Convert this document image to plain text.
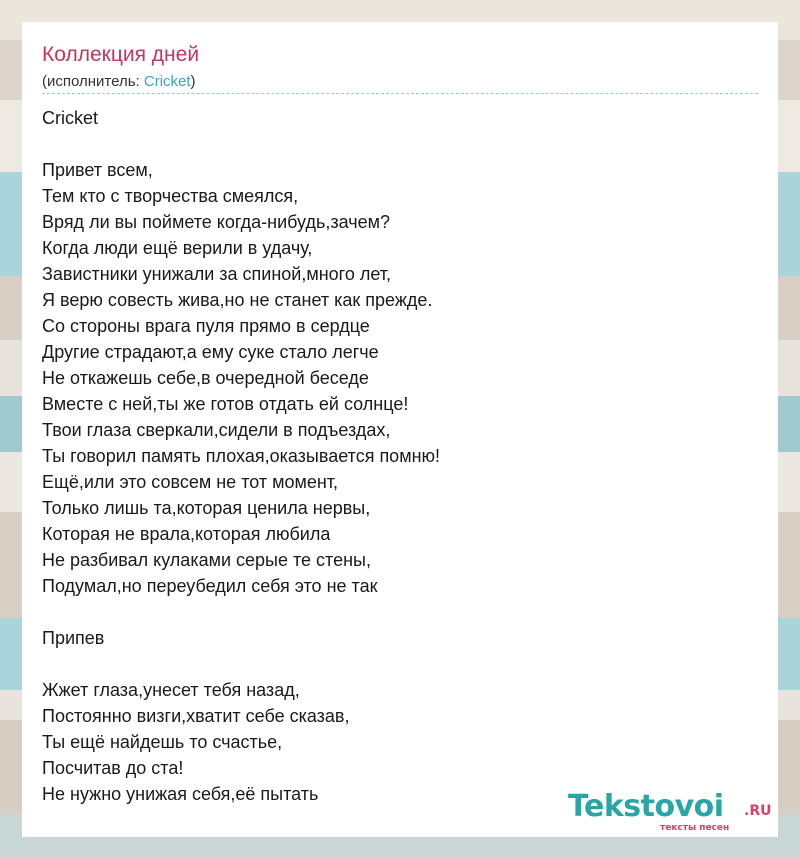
Коллекция дней
(исполнитель: Cricket)
Cricket
Привет всем,
Тем кто с творчества смеялся,
Вряд ли вы поймете когда-нибудь,зачем?
Когда люди ещё верили в удачу,
Завистники унижали за спиной,много лет,
Я верю совесть жива,но не станет как прежде.
Со стороны врага пуля прямо в сердце
Другие страдают,а ему суке стало легче
Не откажешь себе,в очередной беседе
Вместе с ней,ты же готов отдать ей солнце!
Твои глаза сверкали,сидели в подъездах,
Ты говорил память плохая,оказывается помню!
Ещё,или это совсем не тот момент,
Только лишь та,которая ценила нервы,
Которая не врала,которая любила
Не разбивал кулаками серые те стены,
Подумал,но переубедил себя это не так
Припев
Жжет глаза,унесет тебя назад,
Постоянно визги,хватит себе сказав,
Ты ещё найдешь то счастье,
Посчитав до ста!
Не нужно унижая себя,её пытать	Tekstovoi .RU
тексты песен
